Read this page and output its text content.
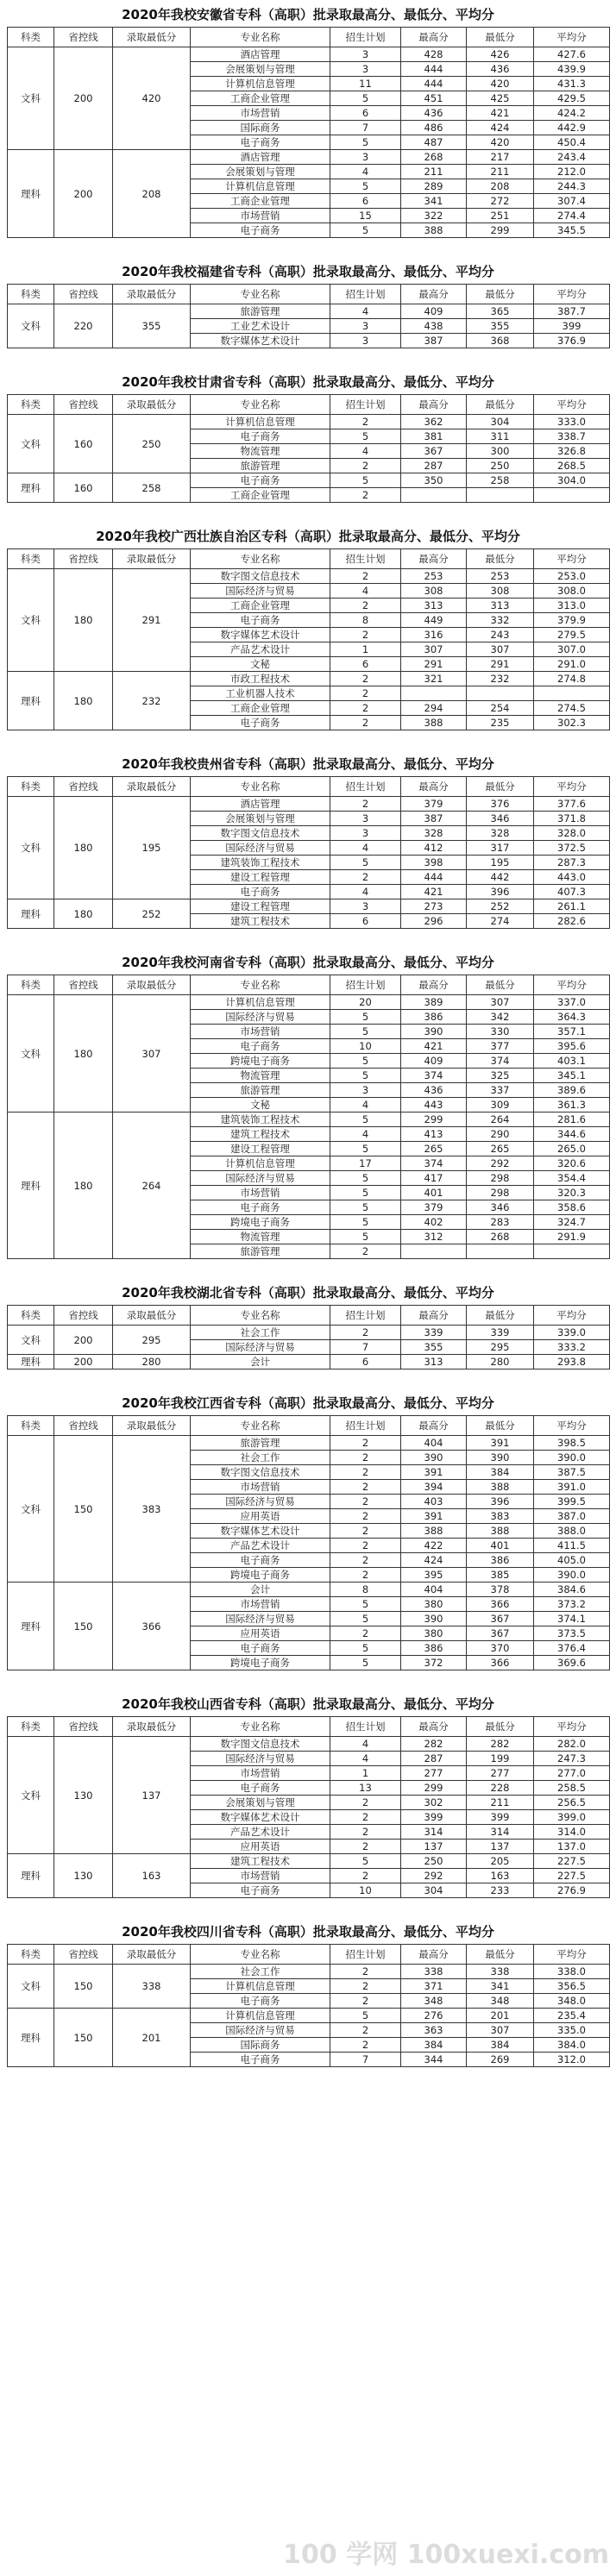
2020年我校安徽省专科（高职）批录取最高分、最低分、平均分
科类	省控线	录取最低分	专业名称	招生计划	最高分	最低分	平均分
文科	200	420	酒店管理	3	428	426	427.6
			会展策划与管理	3	444	436	439.9
			计算机信息管理	11	444	420	431.3
			工商企业管理	5	451	425	429.5
			市场营销	6	436	421	424.2
			国际商务	7	486	424	442.9
			电子商务	5	487	420	450.4
理科	200	208	酒店管理	3	268	217	243.4
			会展策划与管理	4	211	211	212.0
			计算机信息管理	5	289	208	244.3
			工商企业管理	6	341	272	307.4
			市场营销	15	322	251	274.4
			电子商务	5	388	299	345.5
2020年我校福建省专科（高职）批录取最高分、最低分、平均分
科类	省控线	录取最低分	专业名称	招生计划	最高分	最低分	平均分
文科	220	355	旅游管理	4	409	365	387.7
			工业艺术设计	3	438	355	399
			数字媒体艺术设计	3	387	368	376.9
2020年我校甘肃省专科（高职）批录取最高分、最低分、平均分
科类	省控线	录取最低分	专业名称	招生计划	最高分	最低分	平均分
文科	160	250	计算机信息管理	2	362	304	333.0
			电子商务	5	381	311	338.7
			物流管理	4	367	300	326.8
			旅游管理	2	287	250	268.5
理科	160	258	电子商务	5	350	258	304.0
			工商企业管理	2			
2020年我校广西壮族自治区专科（高职）批录取最高分、最低分、平均分
科类	省控线	录取最低分	专业名称	招生计划	最高分	最低分	平均分
文科	180	291	数字图文信息技术	2	253	253	253.0
			国际经济与贸易	4	308	308	308.0
			工商企业管理	2	313	313	313.0
			电子商务	8	449	332	379.9
			数字媒体艺术设计	2	316	243	279.5
			产品艺术设计	1	307	307	307.0
			文秘	6	291	291	291.0
理科	180	232	市政工程技术	2	321	232	274.8
			工业机器人技术	2			
			工商企业管理	2	294	254	274.5
			电子商务	2	388	235	302.3
2020年我校贵州省专科（高职）批录取最高分、最低分、平均分
科类	省控线	录取最低分	专业名称	招生计划	最高分	最低分	平均分
文科	180	195	酒店管理	2	379	376	377.6
			会展策划与管理	3	387	346	371.8
			数字图文信息技术	3	328	328	328.0
			国际经济与贸易	4	412	317	372.5
			建筑装饰工程技术	5	398	195	287.3
			建设工程管理	2	444	442	443.0
			电子商务	4	421	396	407.3
理科	180	252	建设工程管理	3	273	252	261.1
			建筑工程技术	6	296	274	282.6
2020年我校河南省专科（高职）批录取最高分、最低分、平均分
科类	省控线	录取最低分	专业名称	招生计划	最高分	最低分	平均分
文科	180	307	计算机信息管理	20	389	307	337.0
			国际经济与贸易	5	386	342	364.3
			市场营销	5	390	330	357.1
			电子商务	10	421	377	395.6
			跨境电子商务	5	409	374	403.1
			物流管理	5	374	325	345.1
			旅游管理	3	436	337	389.6
			文秘	4	443	309	361.3
理科	180	264	建筑装饰工程技术	5	299	264	281.6
			建筑工程技术	4	413	290	344.6
			建设工程管理	5	265	265	265.0
			计算机信息管理	17	374	292	320.6
			国际经济与贸易	5	417	298	354.4
			市场营销	5	401	298	320.3
			电子商务	5	379	346	358.6
			跨境电子商务	5	402	283	324.7
			物流管理	5	312	268	291.9
			旅游管理	2			
2020年我校湖北省专科（高职）批录取最高分、最低分、平均分
科类	省控线	录取最低分	专业名称	招生计划	最高分	最低分	平均分
文科	200	295	社会工作	2	339	339	339.0
			国际经济与贸易	7	355	295	333.2
理科	200	280	会计	6	313	280	293.8
2020年我校江西省专科（高职）批录取最高分、最低分、平均分
科类	省控线	录取最低分	专业名称	招生计划	最高分	最低分	平均分
文科	150	383	旅游管理	2	404	391	398.5
			社会工作	2	390	390	390.0
			数字图文信息技术	2	391	384	387.5
			市场营销	2	394	388	391.0
			国际经济与贸易	2	403	396	399.5
			应用英语	2	391	383	387.0
			数字媒体艺术设计	2	388	388	388.0
			产品艺术设计	2	422	401	411.5
			电子商务	2	424	386	405.0
			跨境电子商务	2	395	385	390.0
理科	150	366	会计	8	404	378	384.6
			市场营销	5	380	366	373.2
			国际经济与贸易	5	390	367	374.1
			应用英语	2	380	367	373.5
			电子商务	5	386	370	376.4
			跨境电子商务	5	372	366	369.6
2020年我校山西省专科（高职）批录取最高分、最低分、平均分
科类	省控线	录取最低分	专业名称	招生计划	最高分	最低分	平均分
文科	130	137	数字图文信息技术	4	282	282	282.0
			国际经济与贸易	4	287	199	247.3
			市场营销	1	277	277	277.0
			电子商务	13	299	228	258.5
			会展策划与管理	2	302	211	256.5
			数字媒体艺术设计	2	399	399	399.0
			产品艺术设计	2	314	314	314.0
			应用英语	2	137	137	137.0
理科	130	163	建筑工程技术	5	250	205	227.5
			市场营销	2	292	163	227.5
			电子商务	10	304	233	276.9
2020年我校四川省专科（高职）批录取最高分、最低分、平均分
科类	省控线	录取最低分	专业名称	招生计划	最高分	最低分	平均分
文科	150	338	社会工作	2	338	338	338.0
			计算机信息管理	2	371	341	356.5
			电子商务	2	348	348	348.0
理科	150	201	计算机信息管理	5	276	201	235.4
			国际经济与贸易	2	363	307	335.0
			国际商务	2	384	384	384.0
			电子商务	7	344	269	312.0
100 学网 100xuexi.com
